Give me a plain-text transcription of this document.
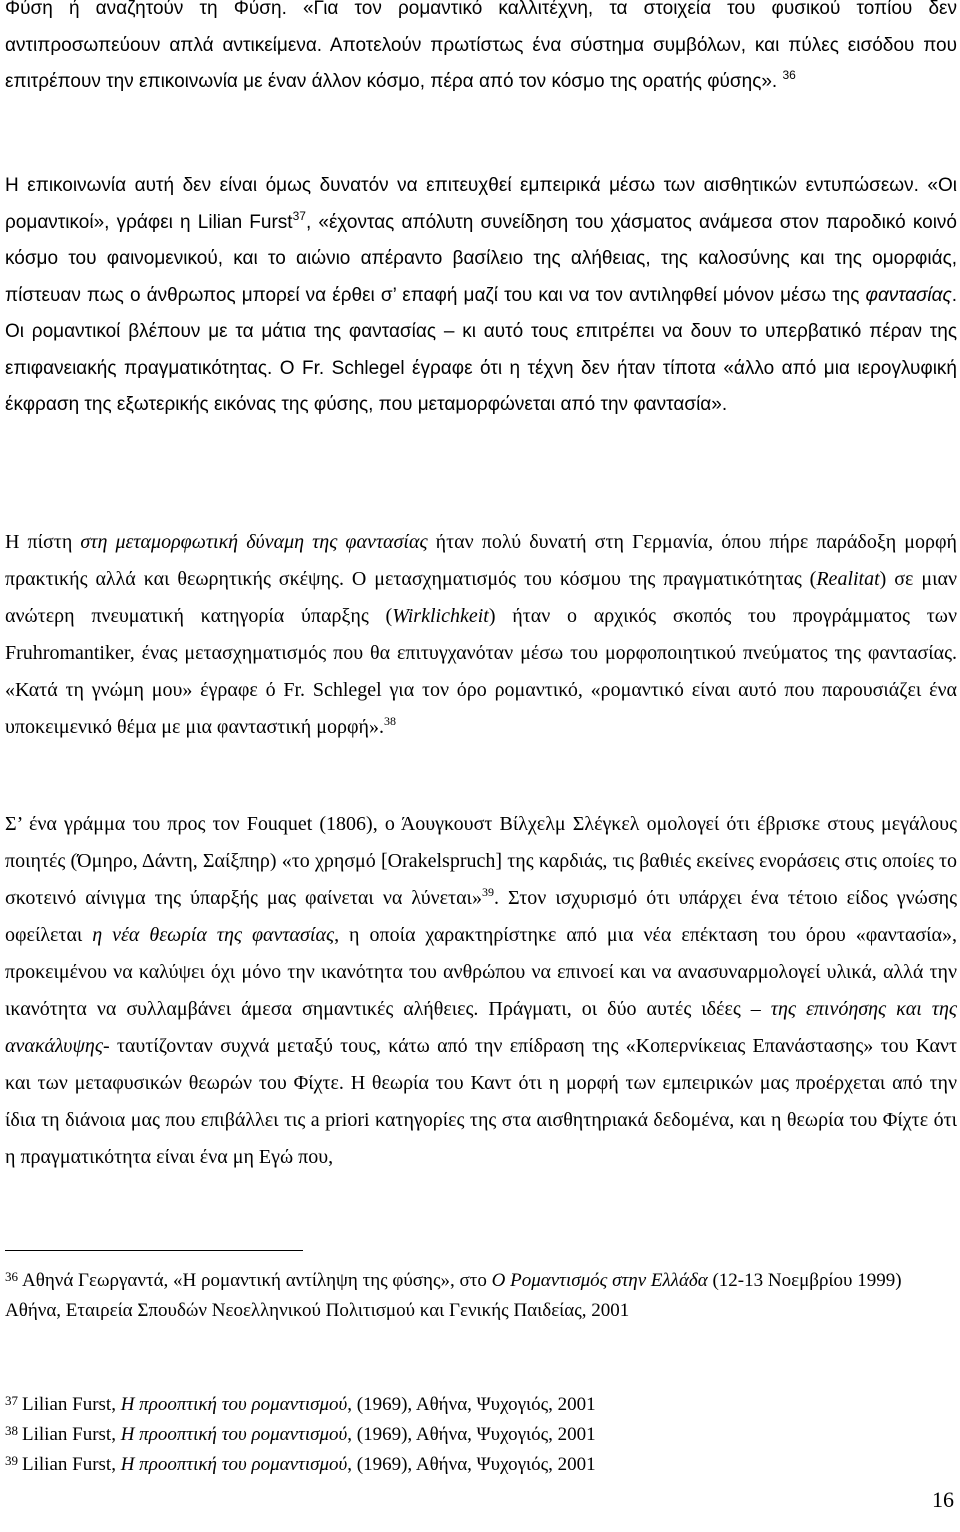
Φύση ή αναζητούν τη Φύση. «Για τον ρομαντικό καλλιτέχνη, τα στοιχεία του φυσικού τοπίου δεν αντιπροσωπεύουν απλά αντικείμενα. Αποτελούν πρωτίστως ένα σύστημα συμβόλων, και πύλες εισόδου που επιτρέπουν την επικοινωνία με έναν άλλον κόσμο, πέρα από τον κόσμο της ορατής φύσης». $^{36}$

Η επικοινωνία αυτή δεν είναι όμως δυνατόν να επιτευχθεί εμπειρικά μέσω των αισθητικών εντυπώσεων. «Οι ρομαντικοί», γράφει η Lilian Furst$^{37}$, «έχοντας απόλυτη συνείδηση του χάσματος ανάμεσα στον παροδικό κοινό κόσμο του φαινομενικού, και το αιώνιο απέραντο βασίλειο της αλήθειας, της καλοσύνης και της ομορφιάς, πίστευαν πως ο άνθρωπος μπορεί να έρθει σ’ επαφή μαζί του και να τον αντιληφθεί μόνον μέσω της φαντασίας. Οι ρομαντικοί βλέπουν με τα μάτια της φαντασίας – κι αυτό τους επιτρέπει να δουν το υπερβατικό πέραν της επιφανειακής πραγματικότητας. Ο Fr. Schlegel έγραφε ότι η τέχνη δεν ήταν τίποτα «άλλο από μια ιερογλυφική έκφραση της εξωτερικής εικόνας της φύσης, που μεταμορφώνεται από την φαντασία».

Η πίστη στη μεταμορφωτική δύναμη της φαντασίας ήταν πολύ δυνατή στη Γερμανία, όπου πήρε παράδοξη μορφή πρακτικής αλλά και θεωρητικής σκέψης. Ο μετασχηματισμός του κόσμου της πραγματικότητας (Realitat) σε μιαν ανώτερη πνευματική κατηγορία ύπαρξης (Wirklichkeit) ήταν ο αρχικός σκοπός του προγράμματος των Fruhromantiker, ένας μετασχηματισμός που θα επιτυγχανόταν μέσω του μορφοποιητικού πνεύματος της φαντασίας. «Κατά τη γνώμη μου» έγραφε ό Fr. Schlegel για τον όρο ρομαντικό, «ρομαντικό είναι αυτό που παρουσιάζει ένα υποκειμενικό θέμα με μια φανταστική μορφή».$^{38}$

Σ’ ένα γράμμα του προς τον Fouquet (1806), ο Άουγκουστ Βίλχελμ Σλέγκελ ομολογεί ότι έβρισκε στους μεγάλους ποιητές (Όμηρο, Δάντη, Σαίξπηρ) «το χρησμό [Orakelspruch] της καρδιάς, τις βαθιές εκείνες ενοράσεις στις οποίες το σκοτεινό αίνιγμα της ύπαρξής μας φαίνεται να λύνεται»$^{39}$. Στον ισχυρισμό ότι υπάρχει ένα τέτοιο είδος γνώσης οφείλεται η νέα θεωρία της φαντασίας, η οποία χαρακτηρίστηκε από μια νέα επέκταση του όρου «φαντασία», προκειμένου να καλύψει όχι μόνο την ικανότητα του ανθρώπου να επινοεί και να ανασυναρμολογεί υλικά, αλλά την ικανότητα να συλλαμβάνει άμεσα σημαντικές αλήθειες. Πράγματι, οι δύο αυτές ιδέες – της επινόησης και της ανακάλυψης- ταυτίζονταν συχνά μεταξύ τους, κάτω από την επίδραση της «Κοπερνίκειας Επανάστασης» του Καντ και των μεταφυσικών θεωρών του Φίχτε. Η θεωρία του Καντ ότι η μορφή των εμπειρικών μας προέρχεται από την ίδια τη διάνοια μας που επιβάλλει τις a priori κατηγορίες της στα αισθητηριακά δεδομένα, και η θεωρία του Φίχτε ότι η πραγματικότητα είναι ένα μη Εγώ που,

$^{36}$ Αθηνά Γεωργαντά, «Η ρομαντική αντίληψη της φύσης», στο Ο Ρομαντισμός στην Ελλάδα (12-13 Νοεμβρίου 1999) Αθήνα, Εταιρεία Σπουδών Νεοελληνικού Πολιτισμού και Γενικής Παιδείας, 2001
$^{37}$ Lilian Furst, Η προοπτική του ρομαντισμού, (1969), Αθήνα, Ψυχογιός, 2001
$^{38}$ Lilian Furst, Η προοπτική του ρομαντισμού, (1969), Αθήνα, Ψυχογιός, 2001
$^{39}$ Lilian Furst, Η προοπτική του ρομαντισμού, (1969), Αθήνα, Ψυχογιός, 2001
16
